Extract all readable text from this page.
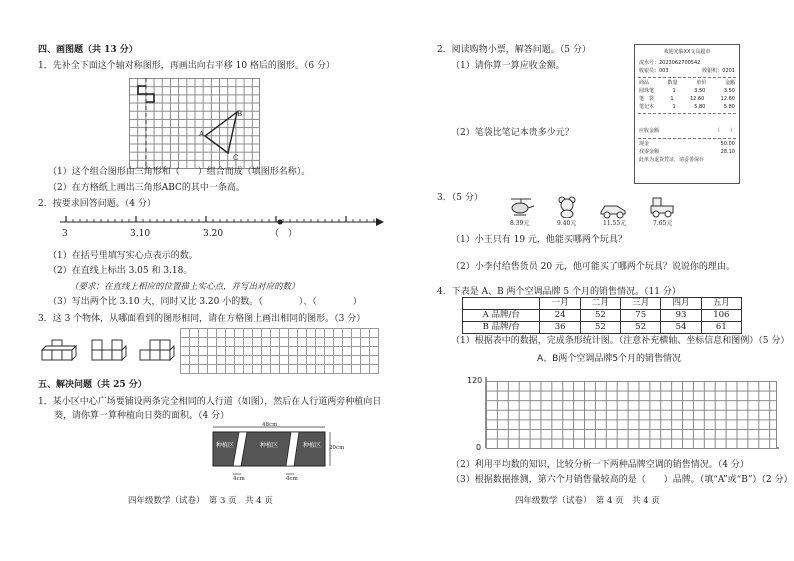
四、画图题（共 13 分）
1．先补全下面这个轴对称图形，再画出向右平移 10 格后的图形。（6 分）
A
B
C
（1）这个组合图形由三角形和（　　）组合而成（填图形名称）。
（2）在方格纸上画出三角形ABC的其中一条高。
2．按要求回答问题。（4 分）
3	3.10	3.20	（　）
（1）在括号里填写实心点表示的数。
（2）在直线上标出 3.05 和 3.18。
（要求：在直线上相应的位置描上实心点，并写出对应的数）
（3）写出两个比 3.10 大，同时又比 3.20 小的数。（　　　　）、（　　　　）
3．这 3 个物体，从哪面看到的图形相同，请在方格图上画出相同的图形。（3 分）
五、解决问题（共 25 分）
1．某小区中心广场要铺设两条完全相同的人行道（如图），然后在人行道两旁种植向日
葵，请你算一算种植向日葵的面积。（4 分）
种植区	种植区	种植区
48cm
20cm
4cm	4cm
四年级数学（试卷）　第 3 页　共 4 页
2．阅读购物小票，解答问题。（5 分）
（1）请你算一算应收金额。
（2）笔袋比笔记本贵多少元？
欢迎光临XX文具超市
流水号：2023062700542
收银员：003	收银机：0201
商品	数量	单价	金额
圆珠笔	1	3.50	3.50
笔　袋	1	12.60	12.60
笔记本	1	5.80	5.80
应收金额	（　　）
现金	50.00
找零金额	28.10
此单为退货凭证，请妥善保存
3．（5 分）
8.39元	9.40元	11.55元	7.65元
（1）小王只有 19 元，他能买哪两个玩具？
（2）小李付给售货员 20 元，他可能买了哪两个玩具？说说你的理由。
4．下表是 A、B 两个空调品牌 5 个月的销售情况。（11 分）
	一月	二月	三月	四月	五月
A 品牌/台	24	52	75	93	106
B 品牌/台	36	52	52	54	61
（1）根据表中的数据，完成条形统计图。（注意补充横轴、坐标信息和图例）（5 分）
A、B两个空调品牌5个月的销售情况
120
0
（2）利用平均数的知识，比较分析一下两种品牌空调的销售情况。（4 分）
（3）根据数据推测，第六个月销售量较高的是（　　）品牌。（填“A”或“B”）（2 分）
四年级数学（试卷）　第 4 页　共 4 页
